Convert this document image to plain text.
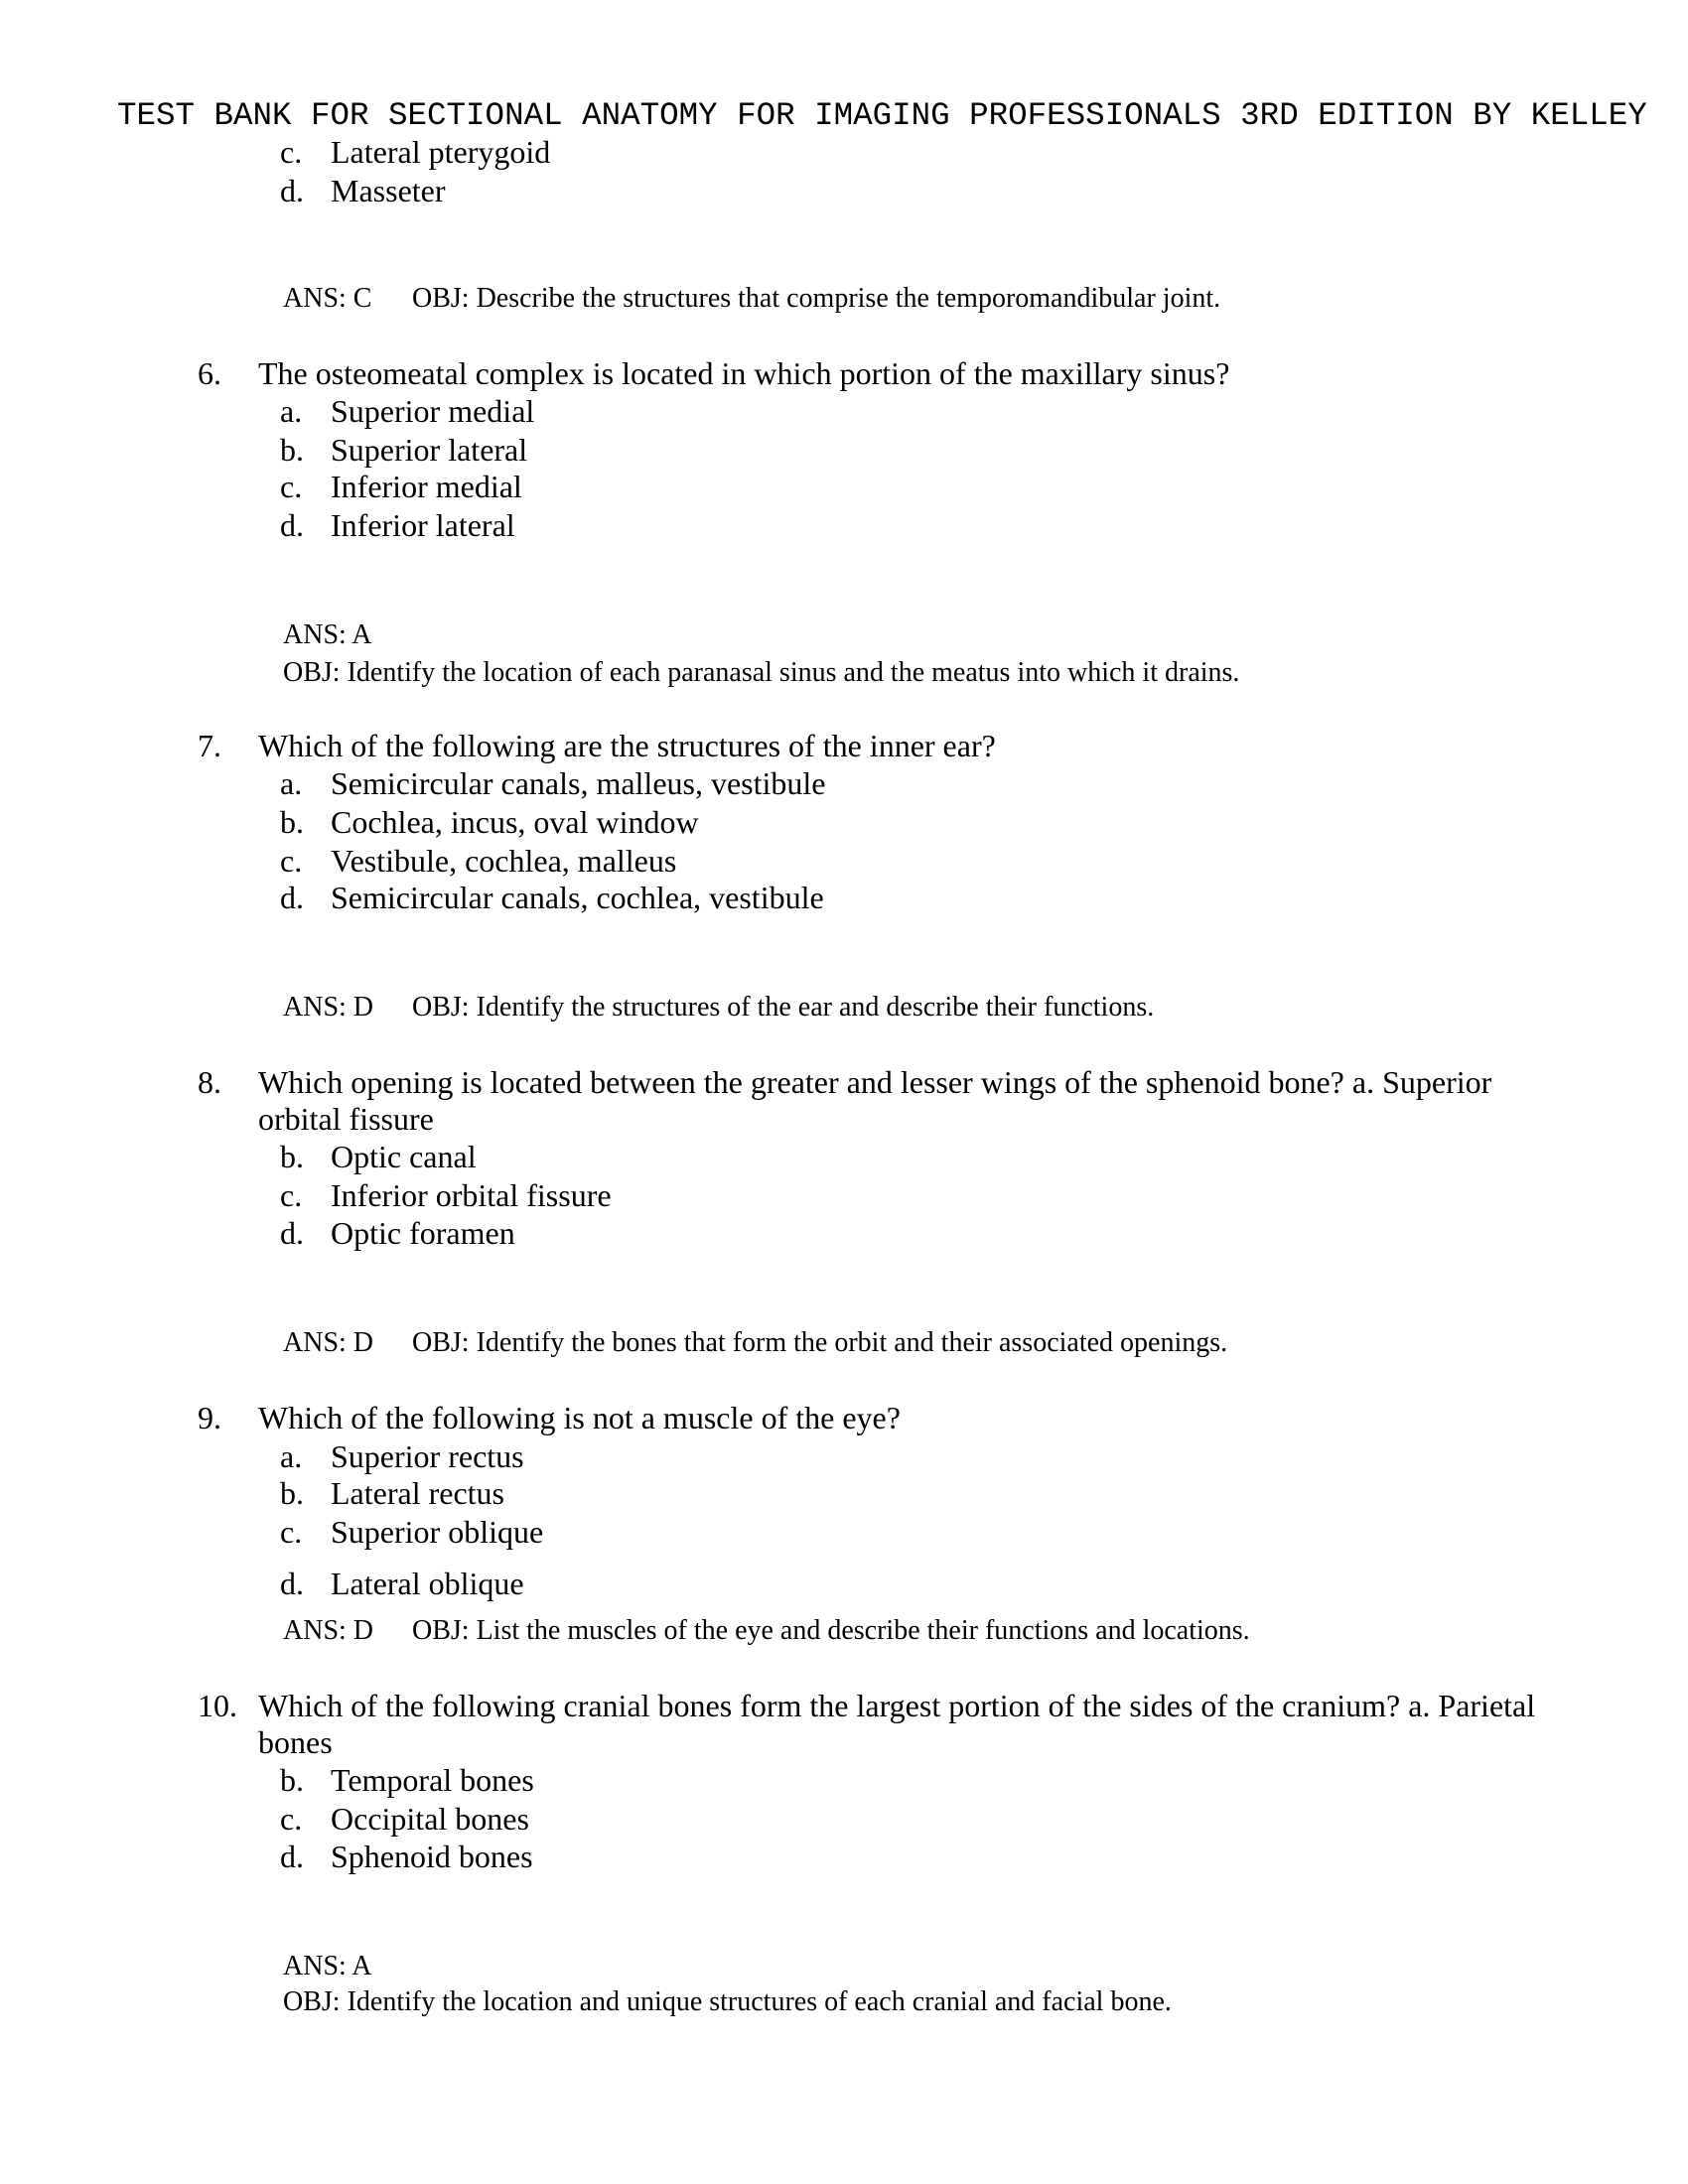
TEST BANK FOR SECTIONAL ANATOMY FOR IMAGING PROFESSIONALS 3RD EDITION BY KELLEY
c. Lateral pterygoid
d. Masseter
ANS: C OBJ: Describe the structures that comprise the temporomandibular joint.
6. The osteomeatal complex is located in which portion of the maxillary sinus?
a. Superior medial
b. Superior lateral
c. Inferior medial
d. Inferior lateral
ANS: A
OBJ: Identify the location of each paranasal sinus and the meatus into which it drains.
7. Which of the following are the structures of the inner ear?
a. Semicircular canals, malleus, vestibule
b. Cochlea, incus, oval window
c. Vestibule, cochlea, malleus
d. Semicircular canals, cochlea, vestibule
ANS: D OBJ: Identify the structures of the ear and describe their functions.
8. Which opening is located between the greater and lesser wings of the sphenoid bone? a. Superior orbital fissure
b. Optic canal
c. Inferior orbital fissure
d. Optic foramen
ANS: D OBJ: Identify the bones that form the orbit and their associated openings.
9. Which of the following is not a muscle of the eye?
a. Superior rectus
b. Lateral rectus
c. Superior oblique
d. Lateral oblique
ANS: D OBJ: List the muscles of the eye and describe their functions and locations.
10. Which of the following cranial bones form the largest portion of the sides of the cranium? a. Parietal bones
b. Temporal bones
c. Occipital bones
d. Sphenoid bones
ANS: A
OBJ: Identify the location and unique structures of each cranial and facial bone.
